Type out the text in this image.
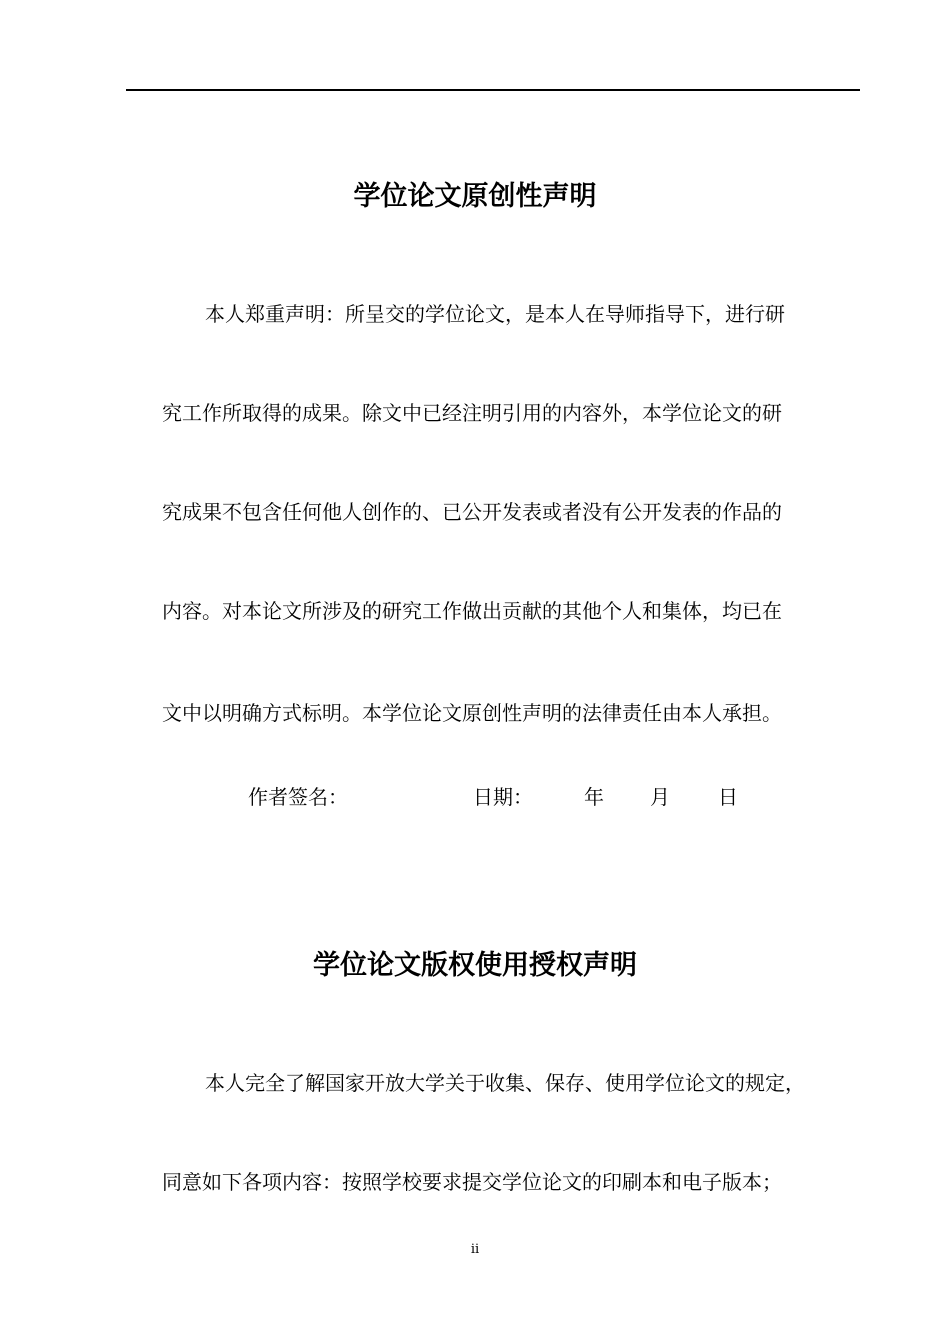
学位论文原创性声明

本人郑重声明：所呈交的学位论文，是本人在导师指导下，进行研

究工作所取得的成果。除文中已经注明引用的内容外，本学位论文的研

究成果不包含任何他人创作的、已公开发表或者没有公开发表的作品的

内容。对本论文所涉及的研究工作做出贡献的其他个人和集体，均已在

文中以明确方式标明。本学位论文原创性声明的法律责任由本人承担。

作者签名：	日期：	年 月 日
学位论文版权使用授权声明

本人完全了解国家开放大学关于收集、保存、使用学位论文的规定，

同意如下各项内容：按照学校要求提交学位论文的印刷本和电子版本；

ii
